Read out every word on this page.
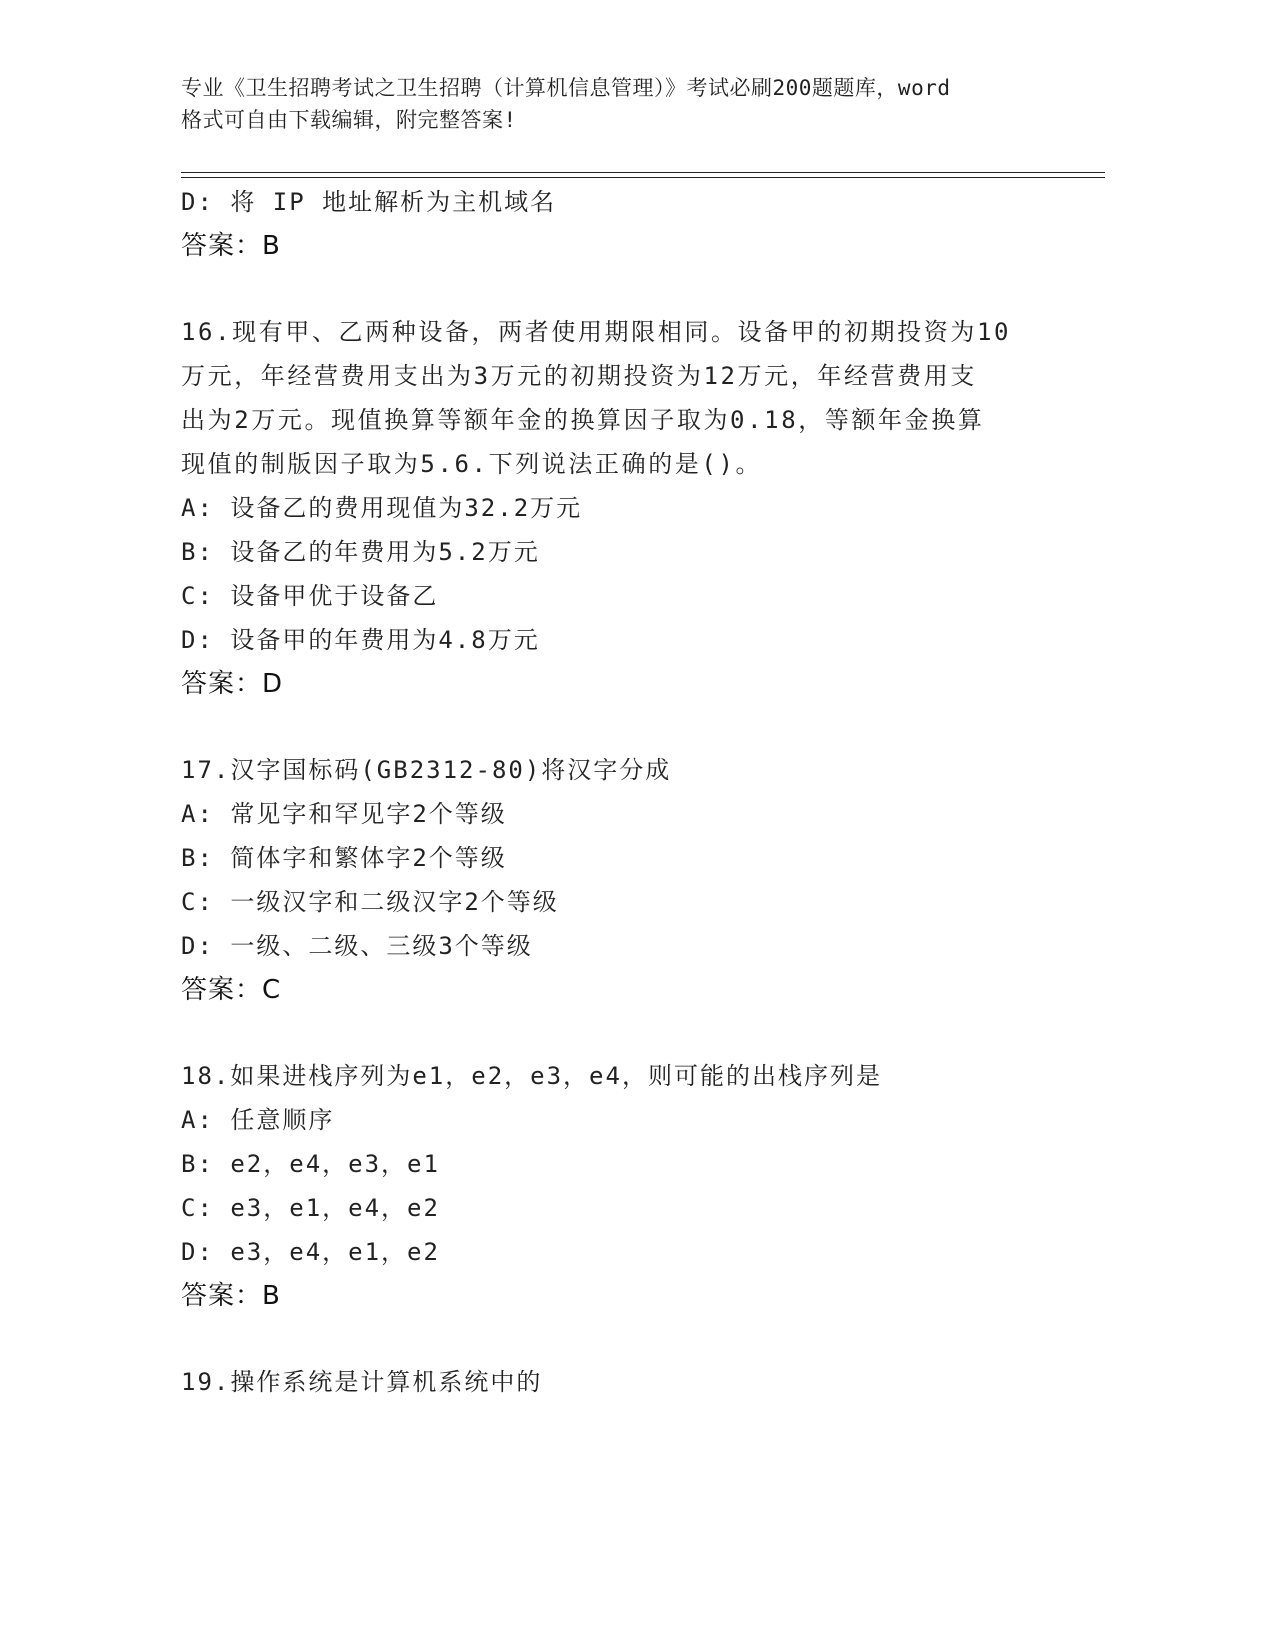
专业《卫生招聘考试之卫生招聘（计算机信息管理）》考试必刷200题题库，word
格式可自由下载编辑，附完整答案!
D: 将 IP 地址解析为主机域名
答案：B
16.现有甲、乙两种设备，两者使用期限相同。设备甲的初期投资为10
万元，年经营费用支出为3万元的初期投资为12万元，年经营费用支
出为2万元。现值换算等额年金的换算因子取为0.18，等额年金换算
现值的制版因子取为5.6.下列说法正确的是()。
A: 设备乙的费用现值为32.2万元
B: 设备乙的年费用为5.2万元
C: 设备甲优于设备乙
D: 设备甲的年费用为4.8万元
答案：D
17.汉字国标码(GB2312-80)将汉字分成
A: 常见字和罕见字2个等级
B: 简体字和繁体字2个等级
C: 一级汉字和二级汉字2个等级
D: 一级、二级、三级3个等级
答案：C
18.如果进栈序列为e1，e2，e3，e4，则可能的出栈序列是
A: 任意顺序
B: e2，e4，e3，e1
C: e3，e1，e4，e2
D: e3，e4，e1，e2
答案：B
19.操作系统是计算机系统中的
